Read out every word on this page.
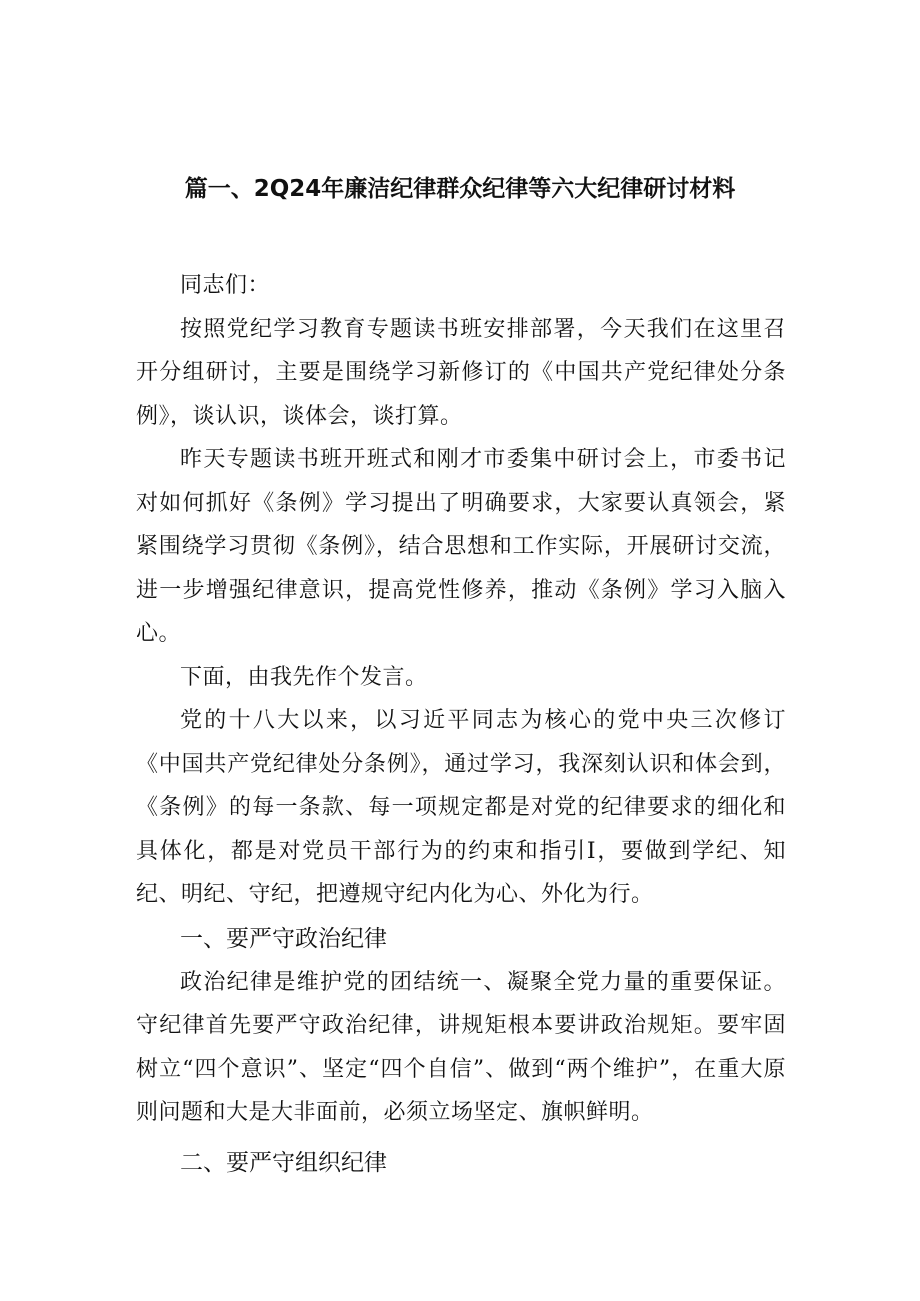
篇一、2Q24年廉洁纪律群众纪律等六大纪律研讨材料

同志们：

按照党纪学习教育专题读书班安排部署，今天我们在这里召开分组研讨，主要是围绕学习新修订的《中国共产党纪律处分条例》，谈认识，谈体会，谈打算。

昨天专题读书班开班式和刚才市委集中研讨会上，市委书记对如何抓好《条例》学习提出了明确要求，大家要认真领会，紧紧围绕学习贯彻《条例》，结合思想和工作实际，开展研讨交流，进一步增强纪律意识，提高党性修养，推动《条例》学习入脑入心。

下面，由我先作个发言。

党的十八大以来，以习近平同志为核心的党中央三次修订《中国共产党纪律处分条例》，通过学习，我深刻认识和体会到，《条例》的每一条款、每一项规定都是对党的纪律要求的细化和具体化，都是对党员干部行为的约束和指引I，要做到学纪、知纪、明纪、守纪，把遵规守纪内化为心、外化为行。

一、要严守政治纪律

政治纪律是维护党的团结统一、凝聚全党力量的重要保证。守纪律首先要严守政治纪律，讲规矩根本要讲政治规矩。要牢固树立“四个意识”、坚定“四个自信”、做到“两个维护”，在重大原则问题和大是大非面前，必须立场坚定、旗帜鲜明。

二、要严守组织纪律
